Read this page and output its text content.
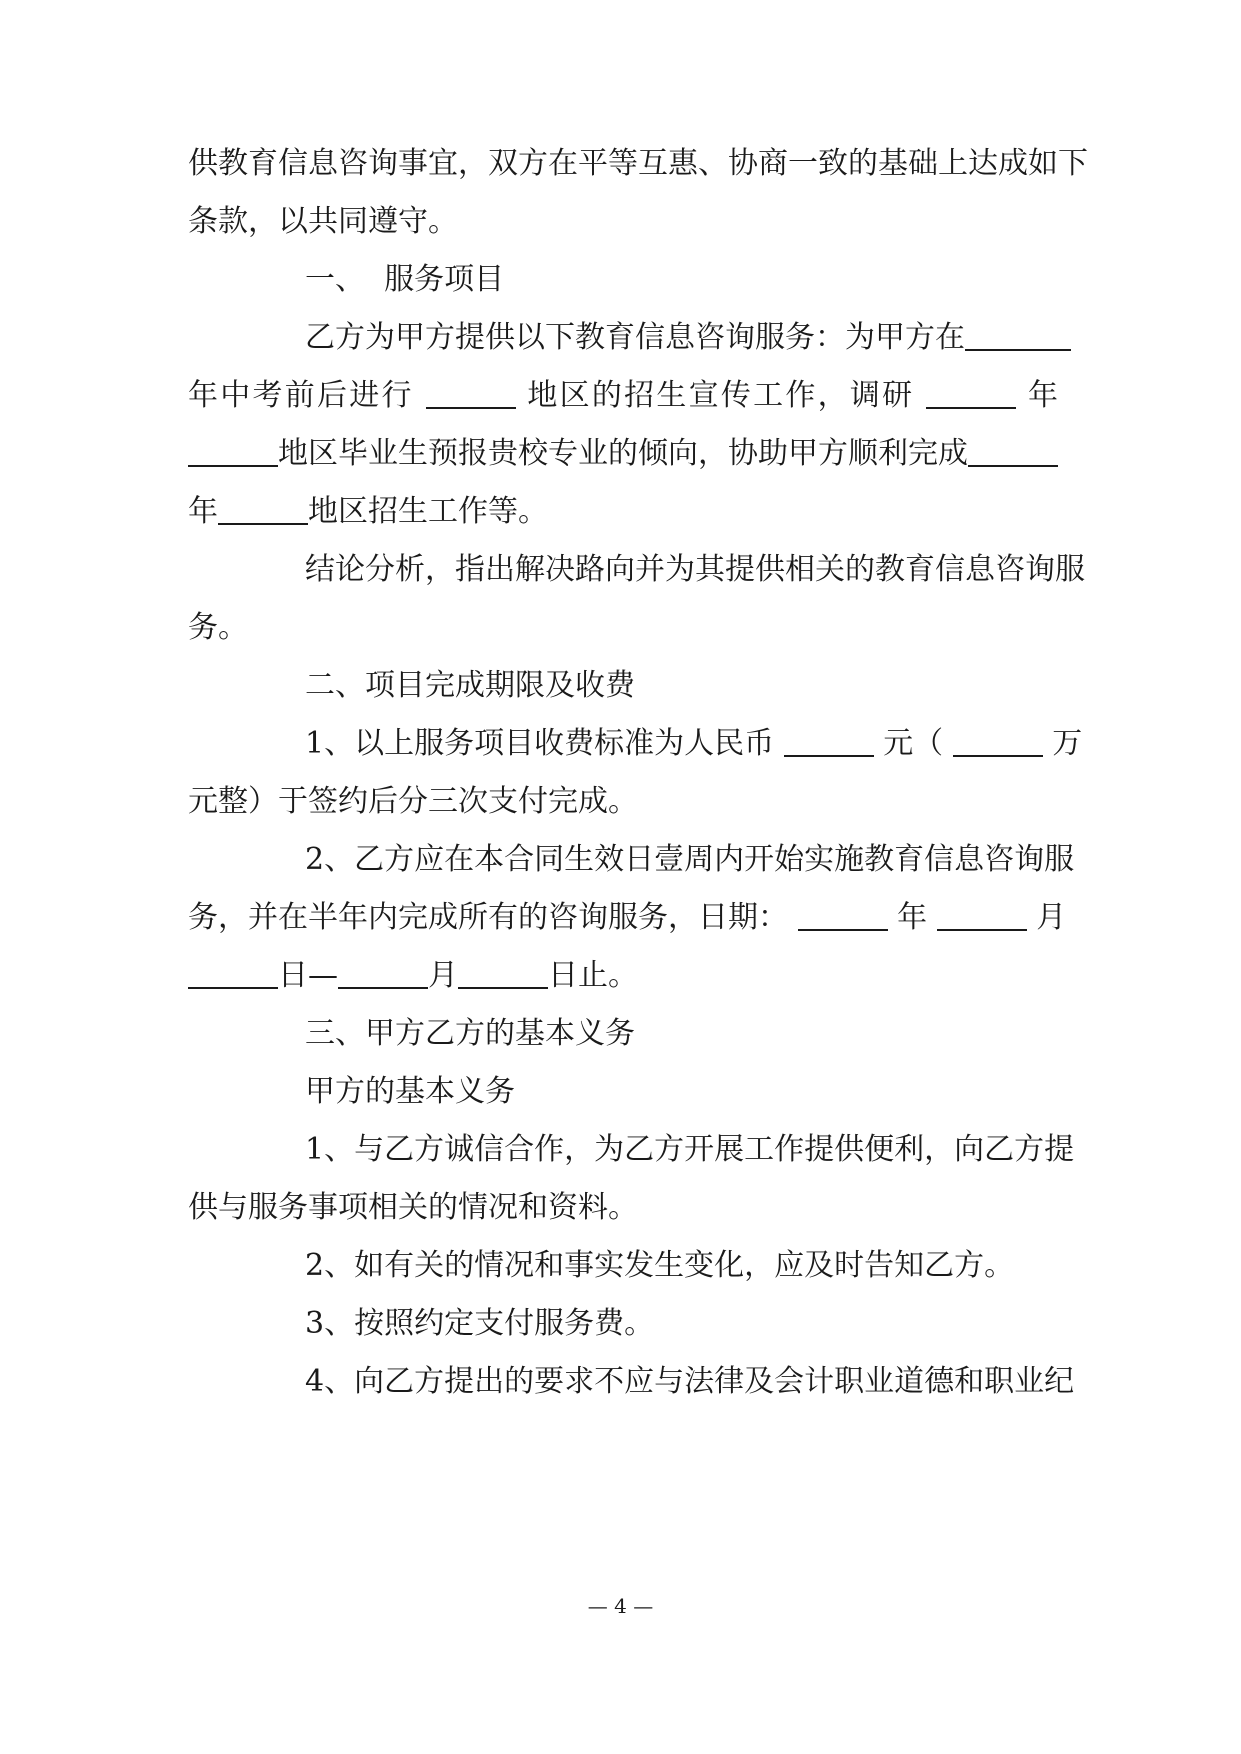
供教育信息咨询事宜，双方在平等互惠、协商一致的基础上达成如下
条款，以共同遵守。
一、  服务项目
乙方为甲方提供以下教育信息咨询服务：为甲方在
年中考前后进行	地区的招生宣传工作，调研	年
地区毕业生预报贵校专业的倾向，协助甲方顺利完成
年	地区招生工作等。
结论分析，指出解决路向并为其提供相关的教育信息咨询服
务。
二、项目完成期限及收费
1、以上服务项目收费标准为人民币	元（	万
元整）于签约后分三次支付完成。
2、乙方应在本合同生效日壹周内开始实施教育信息咨询服
务，并在半年内完成所有的咨询服务，日期：	年	月
日—	月	日止。
三、甲方乙方的基本义务
甲方的基本义务
1、与乙方诚信合作，为乙方开展工作提供便利，向乙方提
供与服务事项相关的情况和资料。
2、如有关的情况和事实发生变化，应及时告知乙方。
3、按照约定支付服务费。
4、向乙方提出的要求不应与法律及会计职业道德和职业纪
— 4 —
